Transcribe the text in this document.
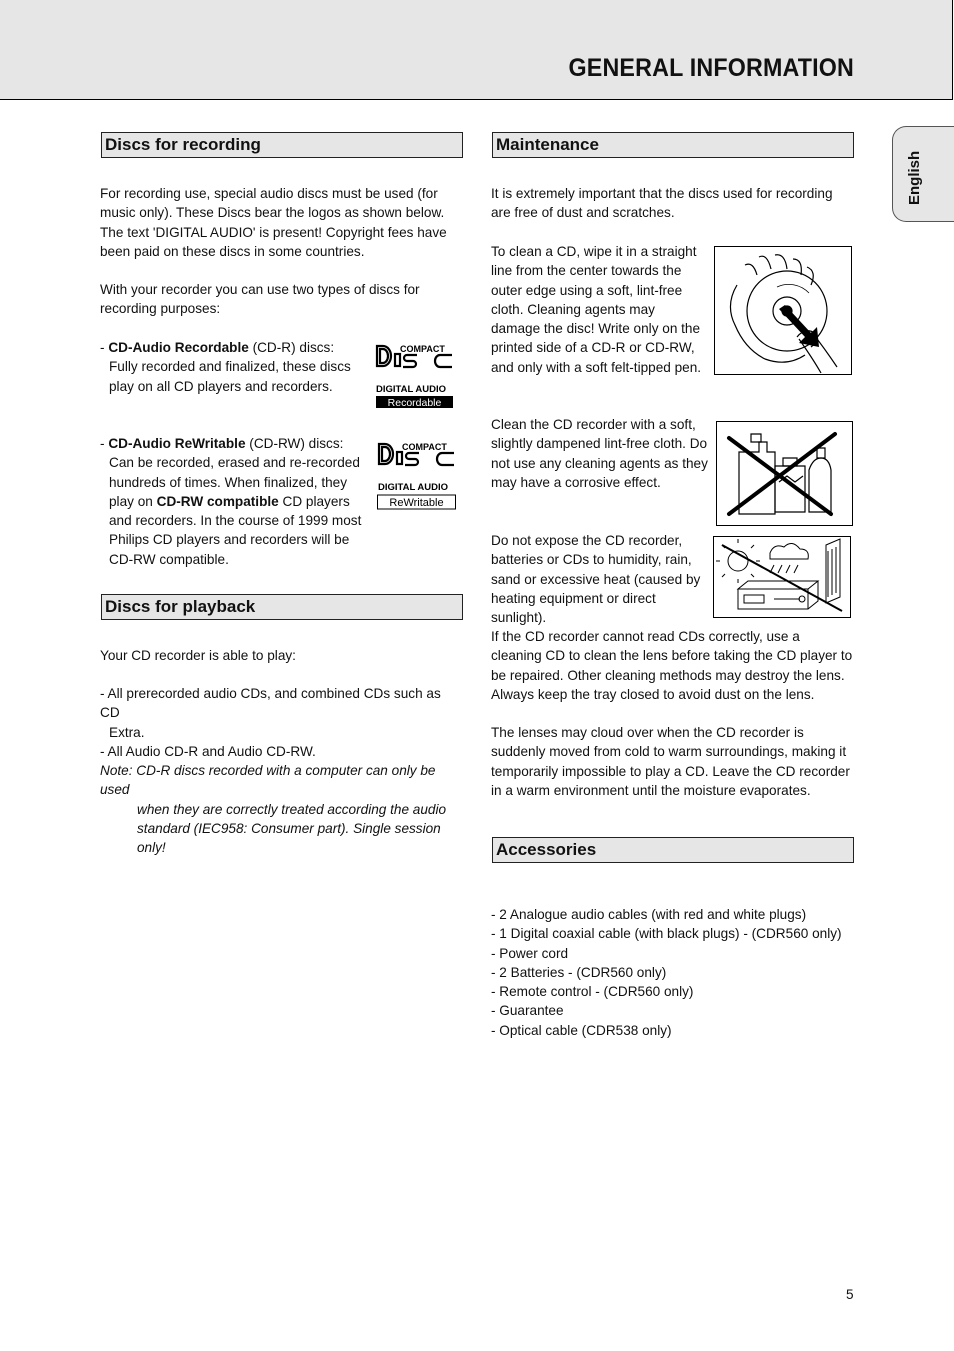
GENERAL INFORMATION
English
Discs for recording

For recording use, special audio discs must be used (for music only). These Discs bear the logos as shown below. The text 'DIGITAL AUDIO' is present! Copyright fees have been paid on these discs in some countries.

With your recorder you can use two types of discs for recording purposes:

- CD-Audio Recordable (CD-R) discs:
Fully recorded and finalized, these discs play on all CD players and recorders.
COMPACT
DIGITAL AUDIO
Recordable
- CD-Audio ReWritable (CD-RW) discs:
Can be recorded, erased and re-recorded hundreds of times. When finalized, they play on CD-RW compatible CD players and recorders. In the course of 1999 most Philips CD players and recorders will be CD-RW compatible.
COMPACT
DIGITAL AUDIO
ReWritable
Discs for playback

Your CD recorder is able to play:

- All prerecorded audio CDs, and combined CDs such as CD
Extra.
- All Audio CD-R and Audio CD-RW.
Note: CD-R discs recorded with a computer can only be used
when they are correctly treated according the audio
standard (IEC958: Consumer part). Single session only!
Maintenance

It is extremely important that the discs used for recording are free of dust and scratches.

To clean a CD, wipe it in a straight line from the center towards the outer edge using a soft, lint-free cloth. Cleaning agents may damage the disc! Write only on the printed side of a CD-R or CD-RW, and only with a soft felt-tipped pen.

Clean the CD recorder with a soft, slightly dampened lint-free cloth. Do not use any cleaning agents as they may have a corrosive effect.

Do not expose the CD recorder, batteries or CDs to humidity, rain, sand or excessive heat (caused by heating equipment or direct sunlight).

If the CD recorder cannot read CDs correctly, use a cleaning CD to clean the lens before taking the CD player to be repaired. Other cleaning methods may destroy the lens. Always keep the tray closed to avoid dust on the lens.

The lenses may cloud over when the CD recorder is suddenly moved from cold to warm surroundings, making it temporarily impossible to play a CD. Leave the CD recorder in a warm environment until the moisture evaporates.

Accessories
- 2 Analogue audio cables (with red and white plugs)
- 1 Digital coaxial cable (with black plugs) - (CDR560 only)
- Power cord
- 2 Batteries - (CDR560 only)
- Remote control - (CDR560 only)
- Guarantee
- Optical cable (CDR538 only)
5
